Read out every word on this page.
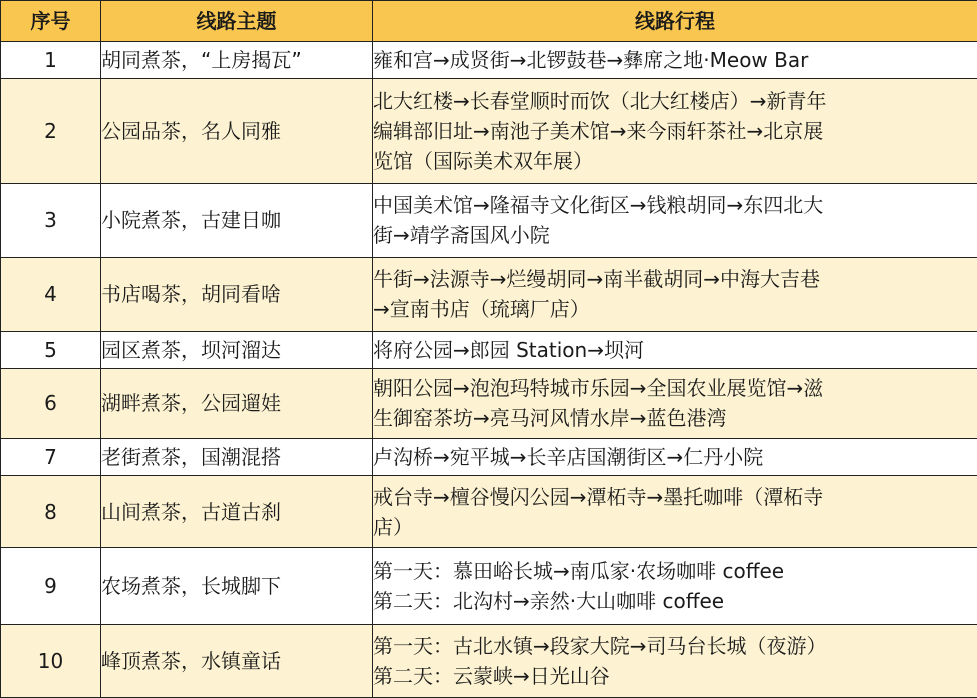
序号	线路主题	线路行程
1	胡同煮茶，“上房揭瓦”	雍和宫→成贤街→北锣鼓巷→彝席之地·Meow Bar

2	公园品茶，名人同雅	北大红楼→长春堂顺时而饮（北大红楼店）→新青年
编辑部旧址→南池子美术馆→来今雨轩茶社→北京展
览馆（国际美术双年展）

3	小院煮茶，古建日咖	中国美术馆→隆福寺文化街区→钱粮胡同→东四北大
街→靖学斋国风小院

4	书店喝茶，胡同看啥	牛街→法源寺→烂缦胡同→南半截胡同→中海大吉巷
→宣南书店（琉璃厂店）

5	园区煮茶，坝河溜达	将府公园→郎园 Station→坝河

6	湖畔煮茶，公园遛娃	朝阳公园→泡泡玛特城市乐园→全国农业展览馆→滋
生御窑茶坊→亮马河风情水岸→蓝色港湾

7	老街煮茶，国潮混搭	卢沟桥→宛平城→长辛店国潮街区→仁丹小院

8	山间煮茶，古道古刹	戒台寺→檀谷慢闪公园→潭柘寺→墨托咖啡（潭柘寺
店）

9	农场煮茶，长城脚下	第一天：慕田峪长城→南瓜家·农场咖啡 coffee
第二天：北沟村→亲然·大山咖啡 coffee

10	峰顶煮茶，水镇童话	第一天：古北水镇→段家大院→司马台长城（夜游）
第二天：云蒙峡→日光山谷
